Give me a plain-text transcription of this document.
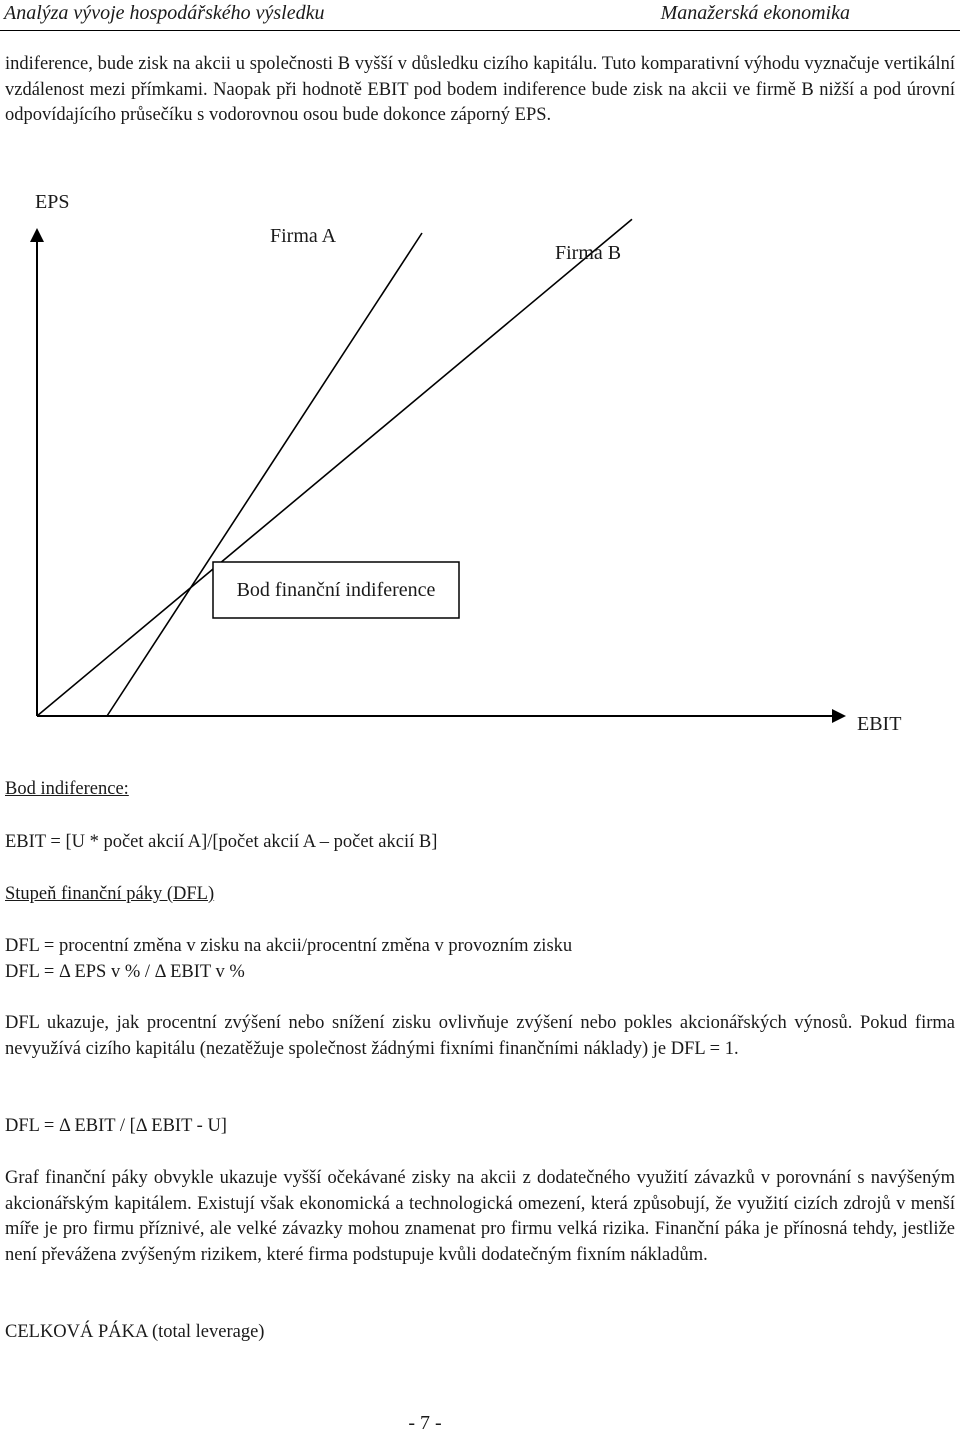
Analýza vývoje hospodářského výsledku	Manažerská ekonomika

indiference, bude zisk na akcii u společnosti B vyšší v důsledku cizího kapitálu. Tuto komparativní výhodu vyznačuje vertikální vzdálenost mezi přímkami. Naopak při hodnotě EBIT pod bodem indiference bude zisk na akcii ve firmě B nižší a pod úrovní odpovídajícího průsečíku s vodorovnou osou bude dokonce záporný EPS.

EPS
EBIT
Firma A
Firma B
Bod finanční indiference
Bod indiference:
EBIT = [U * počet akcií A]/[počet akcií A – počet akcií B]
Stupeň finanční páky (DFL)
DFL = procentní změna v zisku na akcii/procentní změna v provozním zisku
DFL = Δ EPS v % / Δ EBIT v %

DFL ukazuje, jak procentní zvýšení nebo snížení zisku ovlivňuje zvýšení nebo pokles akcionářských výnosů. Pokud firma nevyužívá cizího kapitálu (nezatěžuje společnost žádnými fixními finančními náklady) je DFL = 1.

DFL = Δ EBIT / [Δ EBIT - U]

Graf finanční páky obvykle ukazuje vyšší očekávané zisky na akcii z dodatečného využití závazků v porovnání s navýšeným akcionářským kapitálem. Existují však ekonomická a technologická omezení, která způsobují, že využití cizích zdrojů v menší míře je pro firmu příznivé, ale velké závazky mohou znamenat pro firmu velká rizika. Finanční páka je přínosná tehdy, jestliže není převážena zvýšeným rizikem, které firma podstupuje kvůli dodatečným fixním nákladům.

CELKOVÁ PÁKA (total leverage)
- 7 -
